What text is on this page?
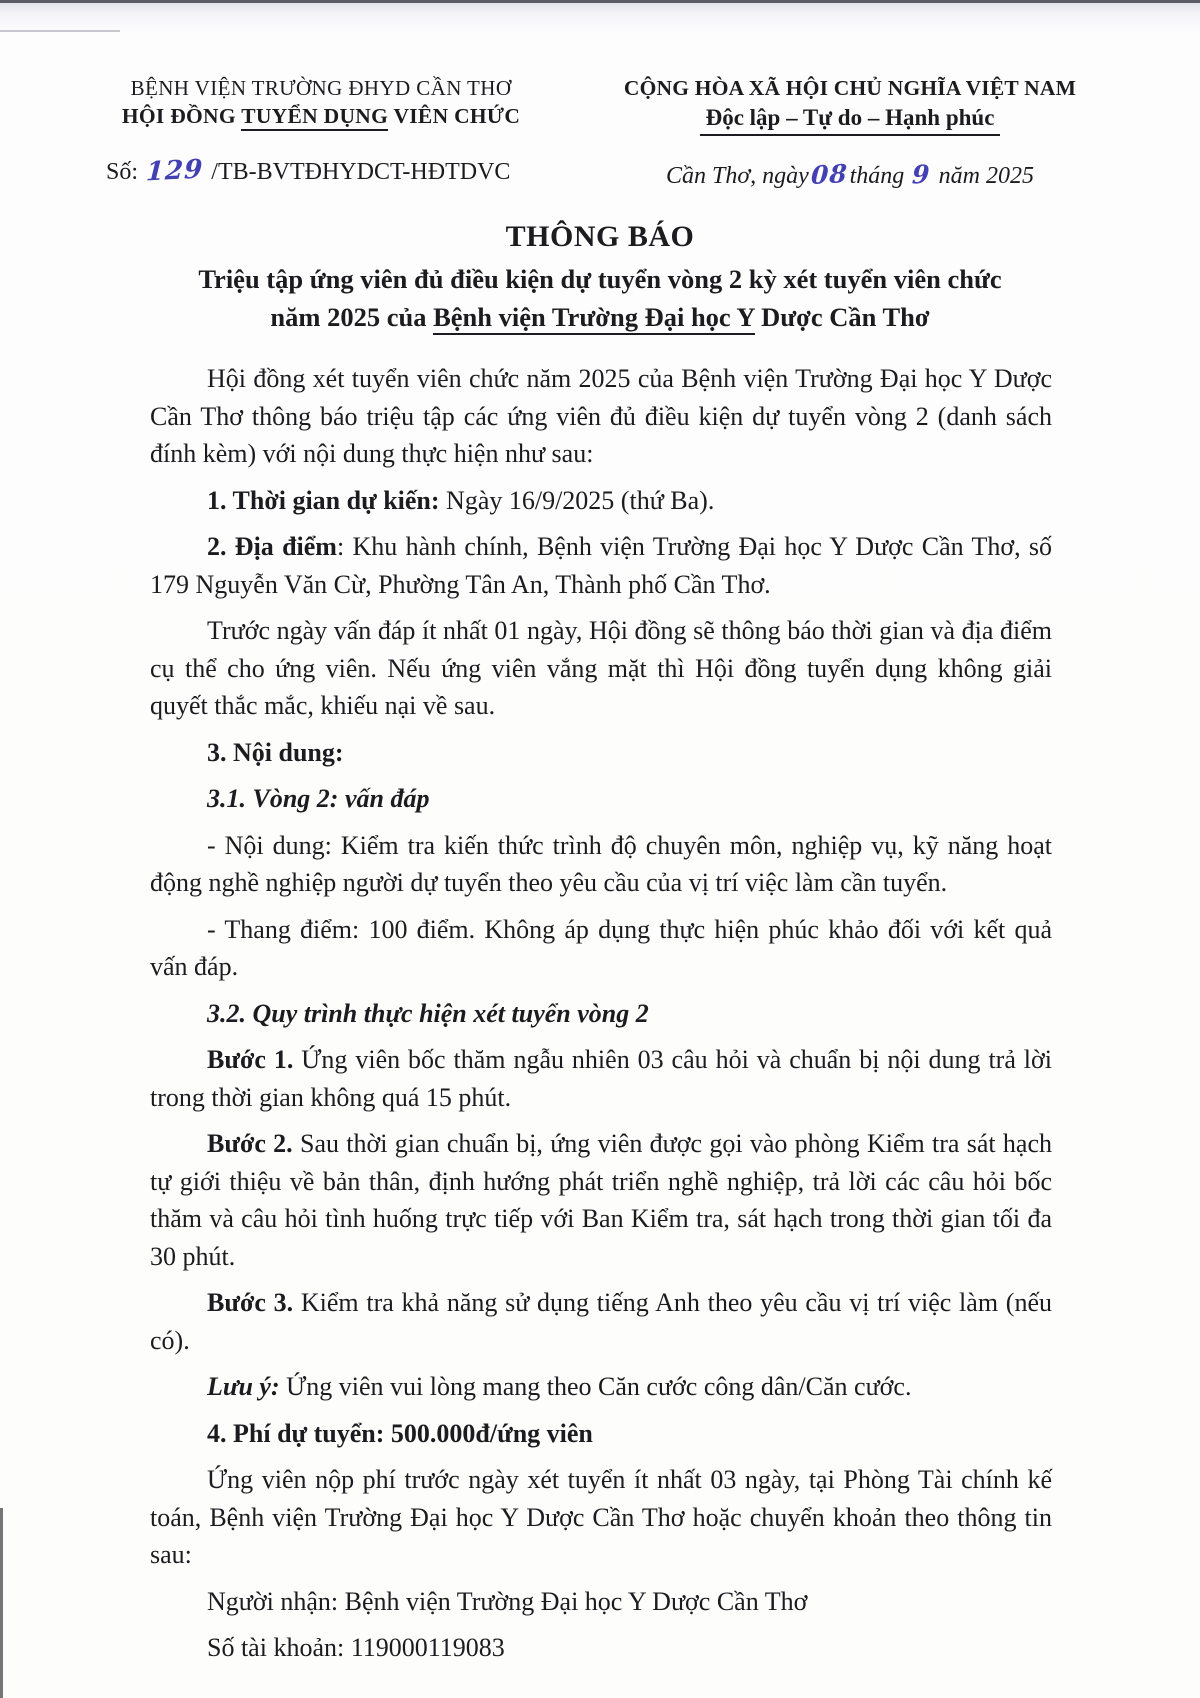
BỆNH VIỆN TRƯỜNG ĐHYD CẦN THƠ
HỘI ĐỒNG TUYỂN DỤNG VIÊN CHỨC
Số: 129 /TB-BVTĐHYDCT-HĐTDVC
CỘNG HÒA XÃ HỘI CHỦ NGHĨA VIỆT NAM
Độc lập – Tự do – Hạnh phúc
Cần Thơ, ngày08tháng 9 năm 2025
THÔNG BÁO
Triệu tập ứng viên đủ điều kiện dự tuyển vòng 2 kỳ xét tuyển viên chức
năm 2025 của Bệnh viện Trường Đại học Y Dược Cần Thơ

Hội đồng xét tuyển viên chức năm 2025 của Bệnh viện Trường Đại học Y Dược Cần Thơ thông báo triệu tập các ứng viên đủ điều kiện dự tuyển vòng 2 (danh sách đính kèm) với nội dung thực hiện như sau:

1. Thời gian dự kiến: Ngày 16/9/2025 (thứ Ba).

2. Địa điểm: Khu hành chính, Bệnh viện Trường Đại học Y Dược Cần Thơ, số 179 Nguyễn Văn Cừ, Phường Tân An, Thành phố Cần Thơ.

Trước ngày vấn đáp ít nhất 01 ngày, Hội đồng sẽ thông báo thời gian và địa điểm cụ thể cho ứng viên. Nếu ứng viên vắng mặt thì Hội đồng tuyển dụng không giải quyết thắc mắc, khiếu nại về sau.

3. Nội dung:

3.1. Vòng 2: vấn đáp

- Nội dung: Kiểm tra kiến thức trình độ chuyên môn, nghiệp vụ, kỹ năng hoạt động nghề nghiệp người dự tuyển theo yêu cầu của vị trí việc làm cần tuyển.

- Thang điểm: 100 điểm. Không áp dụng thực hiện phúc khảo đối với kết quả vấn đáp.

3.2. Quy trình thực hiện xét tuyển vòng 2

Bước 1. Ứng viên bốc thăm ngẫu nhiên 03 câu hỏi và chuẩn bị nội dung trả lời trong thời gian không quá 15 phút.

Bước 2. Sau thời gian chuẩn bị, ứng viên được gọi vào phòng Kiểm tra sát hạch tự giới thiệu về bản thân, định hướng phát triển nghề nghiệp, trả lời các câu hỏi bốc thăm và câu hỏi tình huống trực tiếp với Ban Kiểm tra, sát hạch trong thời gian tối đa 30 phút.

Bước 3. Kiểm tra khả năng sử dụng tiếng Anh theo yêu cầu vị trí việc làm (nếu có).

Lưu ý: Ứng viên vui lòng mang theo Căn cước công dân/Căn cước.

4. Phí dự tuyển: 500.000đ/ứng viên

Ứng viên nộp phí trước ngày xét tuyển ít nhất 03 ngày, tại Phòng Tài chính kế toán, Bệnh viện Trường Đại học Y Dược Cần Thơ hoặc chuyển khoản theo thông tin sau:

Người nhận: Bệnh viện Trường Đại học Y Dược Cần Thơ

Số tài khoản: 119000119083
